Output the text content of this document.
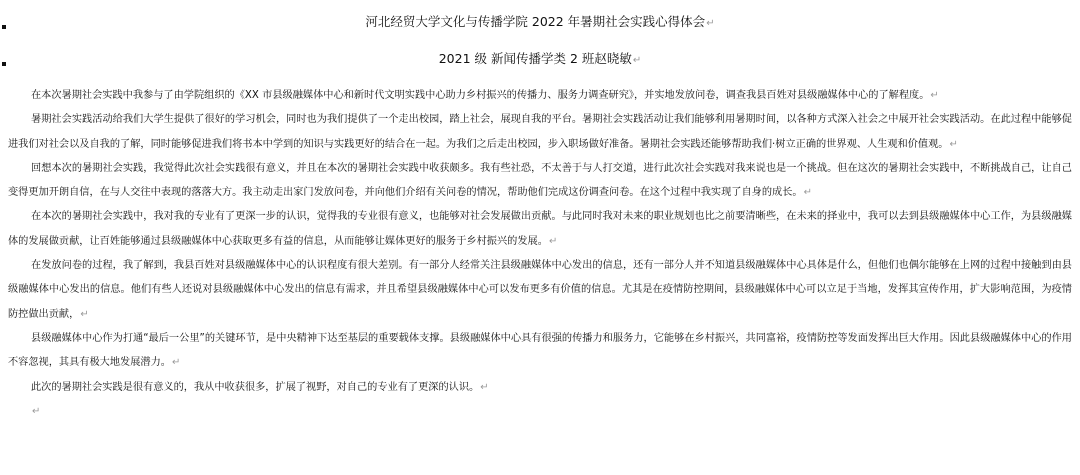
河北经贸大学文化与传播学院 2022 年暑期社会实践心得体会↵
2021 级 新闻传播学类 2 班赵晓敏↵

在本次暑期社会实践中我参与了由学院组织的《XX 市县级融媒体中心和新时代文明实践中心助力乡村振兴的传播力、服务力调查研究》，并实地发放问卷，调查我县百姓对县级融媒体中心的了解程度。↵

暑期社会实践活动给我们大学生提供了很好的学习机会，同时也为我们提供了一个走出校园，踏上社会，展现自我的平台。暑期社会实践活动让我们能够利用暑期时间，以各种方式深入社会之中展开社会实践活动。在此过程中能够促进我们对社会以及自我的了解，同时能够促进我们将书本中学到的知识与实践更好的结合在一起。为我们之后走出校园，步入职场做好准备。暑期社会实践还能够帮助我们·树立正确的世界观、人生观和价值观。↵

回想本次的暑期社会实践，我觉得此次社会实践很有意义，并且在本次的暑期社会实践中收获颇多。我有些社恐，不太善于与人打交道，进行此次社会实践对我来说也是一个挑战。但在这次的暑期社会实践中，不断挑战自己，让自己变得更加开朗自信，在与人交往中表现的落落大方。我主动走出家门发放问卷，并向他们介绍有关问卷的情况，帮助他们完成这份调查问卷。在这个过程中我实现了自身的成长。↵

在本次的暑期社会实践中，我对我的专业有了更深一步的认识，觉得我的专业很有意义，也能够对社会发展做出贡献。与此同时我对未来的职业规划也比之前要清晰些，在未来的择业中，我可以去到县级融媒体中心工作，为县级融媒体的发展做贡献，让百姓能够通过县级融媒体中心获取更多有益的信息，从而能够让媒体更好的服务于乡村振兴的发展。↵

在发放问卷的过程，我了解到，我县百姓对县级融媒体中心的认识程度有很大差别。有一部分人经常关注县级融媒体中心发出的信息，还有一部分人并不知道县级融媒体中心具体是什么，但他们也偶尔能够在上网的过程中接触到由县级融媒体中心发出的信息。他们有些人还说对县级融媒体中心发出的信息有需求，并且希望县级融媒体中心可以发布更多有价值的信息。尤其是在疫情防控期间，县级融媒体中心可以立足于当地，发挥其宣传作用，扩大影响范围，为疫情防控做出贡献，↵

县级融媒体中心作为打通“最后一公里”的关键环节，是中央精神下达至基层的重要载体支撑。县级融媒体中心具有很强的传播力和服务力，它能够在乡村振兴，共同富裕，疫情防控等发面发挥出巨大作用。因此县级融媒体中心的作用不容忽视，其具有极大地发展潜力。↵

此次的暑期社会实践是很有意义的，我从中收获很多，扩展了视野，对自己的专业有了更深的认识。↵

↵
